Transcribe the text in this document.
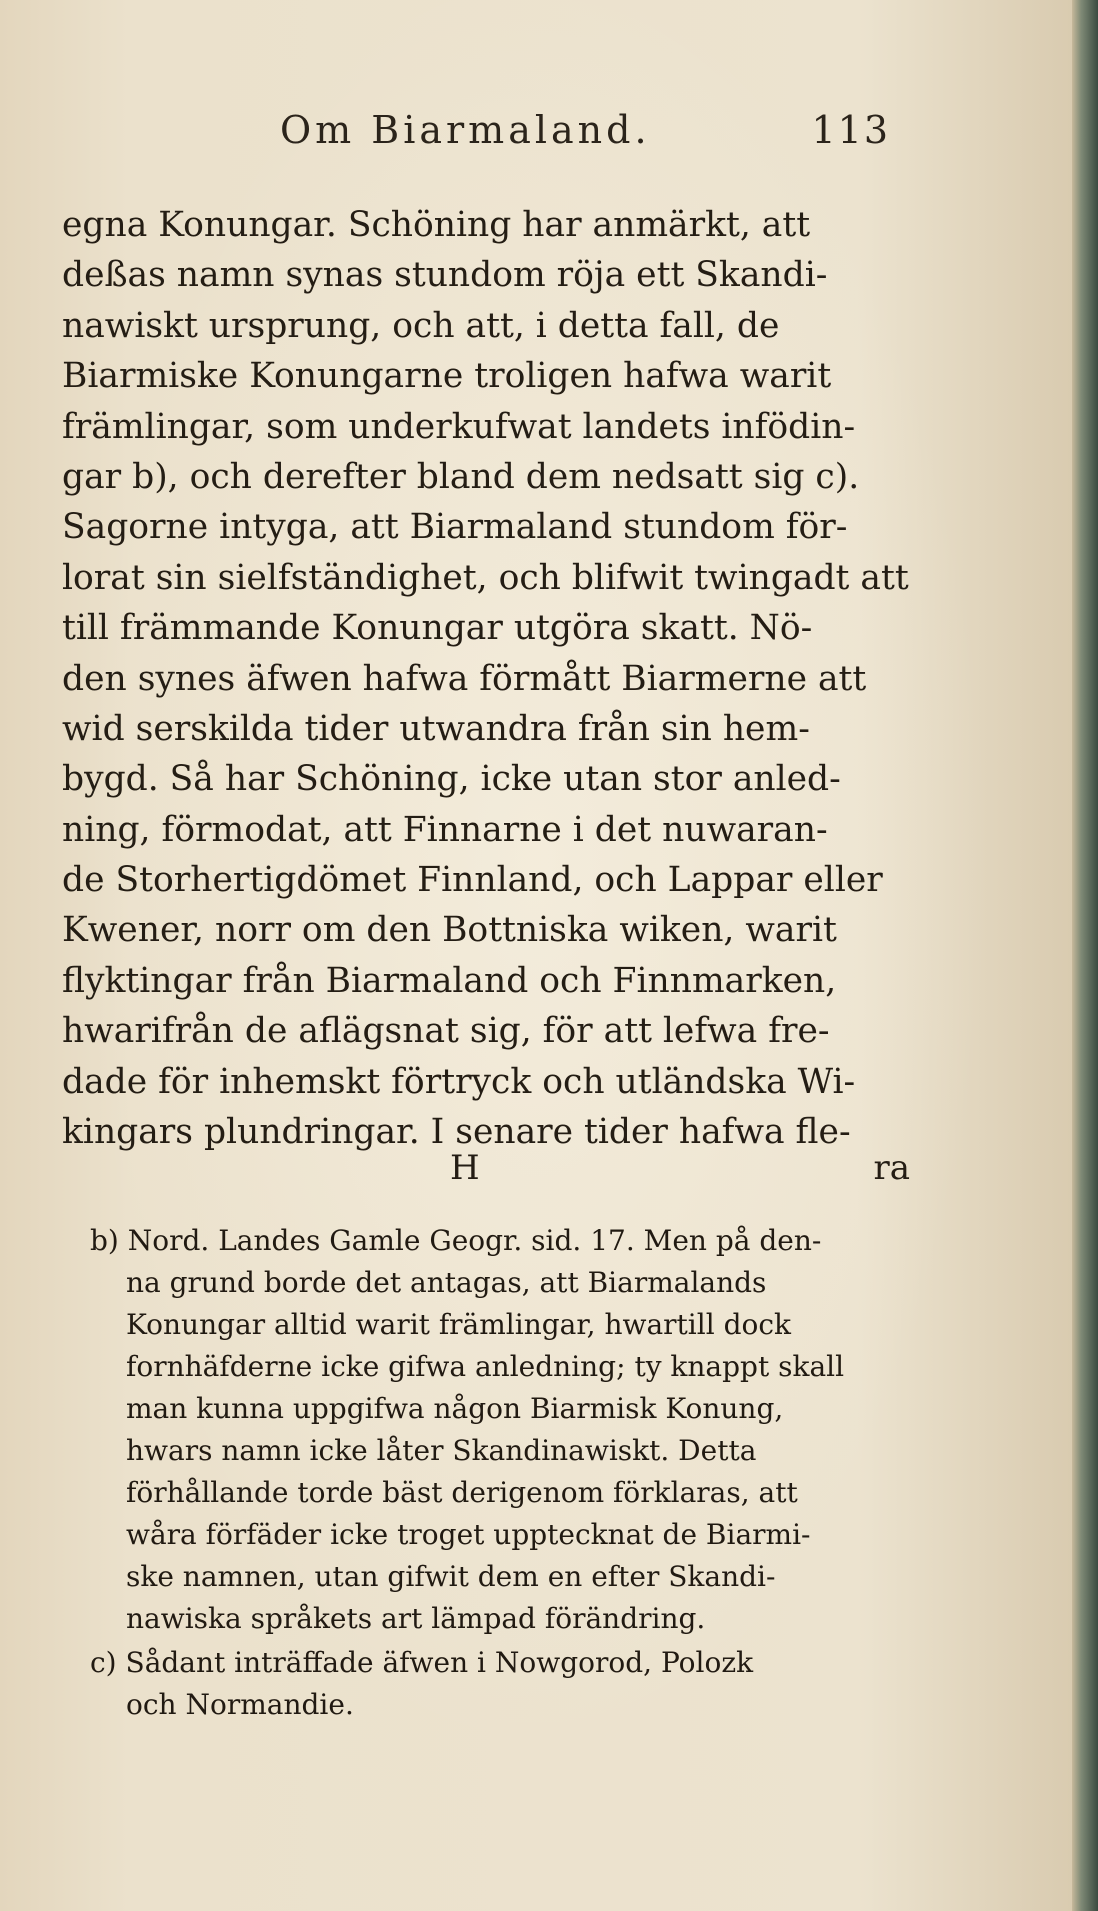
Om Biarmaland.	113
egna Konungar. Schöning har anmärkt, att
deßas namn synas stundom röja ett Skandi-
nawiskt ursprung, och att, i detta fall, de
Biarmiske Konungarne troligen hafwa warit
främlingar, som underkufwat landets infödin-
gar b), och derefter bland dem nedsatt sig c).
Sagorne intyga, att Biarmaland stundom för-
lorat sin sielfständighet, och blifwit twingadt att
till främmande Konungar utgöra skatt. Nö-
den synes äfwen hafwa förmått Biarmerne att
wid serskilda tider utwandra från sin hem-
bygd. Så har Schöning, icke utan stor anled-
ning, förmodat, att Finnarne i det nuwaran-
de Storhertigdömet Finnland, och Lappar eller
Kwener, norr om den Bottniska wiken, warit
flyktingar från Biarmaland och Finnmarken,
hwarifrån de aflägsnat sig, för att lefwa fre-
dade för inhemskt förtryck och utländska Wi-
kingars plundringar. I senare tider hafwa fle-
H	ra
b) Nord. Landes Gamle Geogr. sid. 17. Men på den-
na grund borde det antagas, att Biarmalands
Konungar alltid warit främlingar, hwartill dock
fornhäfderne icke gifwa anledning; ty knappt skall
man kunna uppgifwa någon Biarmisk Konung,
hwars namn icke låter Skandinawiskt. Detta
förhållande torde bäst derigenom förklaras, att
wåra förfäder icke troget upptecknat de Biarmi-
ske namnen, utan gifwit dem en efter Skandi-
nawiska språkets art lämpad förändring.
c) Sådant inträffade äfwen i Nowgorod, Polozk
och Normandie.
